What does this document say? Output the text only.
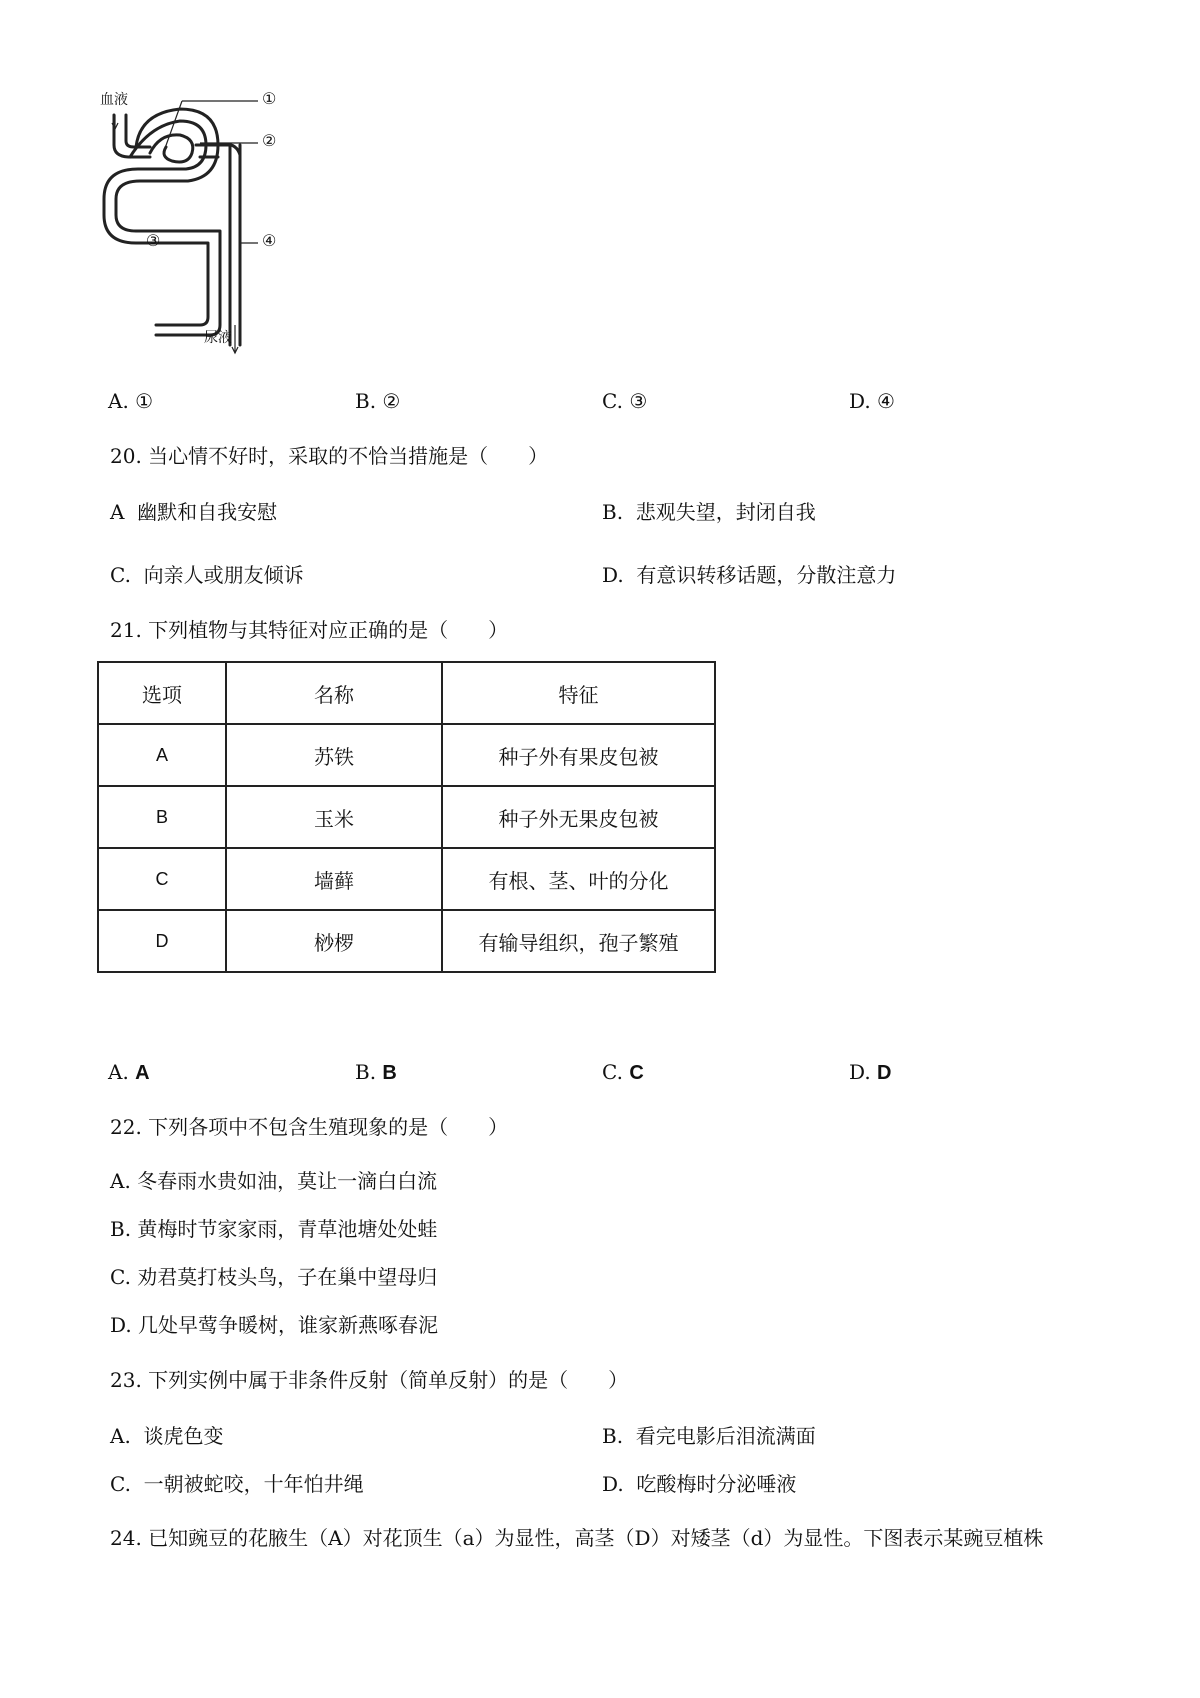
血液
尿液
①
②
③	④
A. ①	B. ②	C. ③	D. ④
20. 当心情不好时，采取的不恰当措施是（　　）
A 幽默和自我安慰	B. 悲观失望，封闭自我
C. 向亲人或朋友倾诉	D. 有意识转移话题，分散注意力
21. 下列植物与其特征对应正确的是（　　）
选项	名称	特征
A	苏铁	种子外有果皮包被
B	玉米	种子外无果皮包被
C	墙藓	有根、茎、叶的分化
D	桫椤	有输导组织，孢子繁殖
A. A	B. B	C. C	D. D
22. 下列各项中不包含生殖现象的是（　　）
A. 冬春雨水贵如油，莫让一滴白白流
B. 黄梅时节家家雨，青草池塘处处蛙
C. 劝君莫打枝头鸟，子在巢中望母归
D. 几处早莺争暖树，谁家新燕啄春泥
23. 下列实例中属于非条件反射（简单反射）的是（　　）
A. 谈虎色变	B. 看完电影后泪流满面
C. 一朝被蛇咬，十年怕井绳	D. 吃酸梅时分泌唾液
24. 已知豌豆的花腋生（A）对花顶生（a）为显性，高茎（D）对矮茎（d）为显性。下图表示某豌豆植株
